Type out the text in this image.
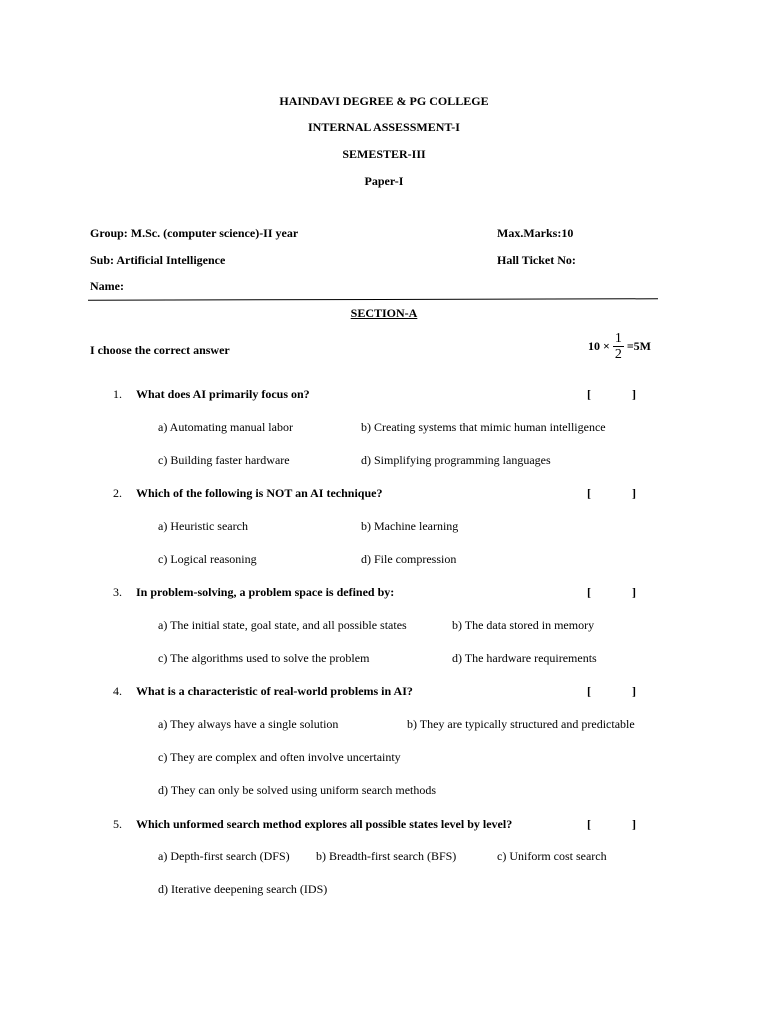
HAINDAVI DEGREE & PG COLLEGE
INTERNAL ASSESSMENT-I
SEMESTER-III
Paper-I
Group: M.Sc. (computer science)-II year	Max.Marks:10
Sub: Artificial Intelligence	Hall Ticket No:
Name:
SECTION-A
I choose the correct answer	$10 \times \frac{1}{2} =5M$
1. What does AI primarily focus on?	[	]
a) Automating manual labor	b) Creating systems that mimic human intelligence
c) Building faster hardware	d) Simplifying programming languages
2. Which of the following is NOT an AI technique?	[	]
a) Heuristic search	b) Machine learning
c) Logical reasoning	d) File compression
3. In problem-solving, a problem space is defined by:	[	]
a) The initial state, goal state, and all possible states	b) The data stored in memory
c) The algorithms used to solve the problem	d) The hardware requirements
4. What is a characteristic of real-world problems in AI?	[	]
a) They always have a single solution	b) They are typically structured and predictable
c) They are complex and often involve uncertainty
d) They can only be solved using uniform search methods
5. Which unformed search method explores all possible states level by level?	[	]
a) Depth-first search (DFS) b) Breadth-first search (BFS)	c) Uniform cost search
d) Iterative deepening search (IDS)
